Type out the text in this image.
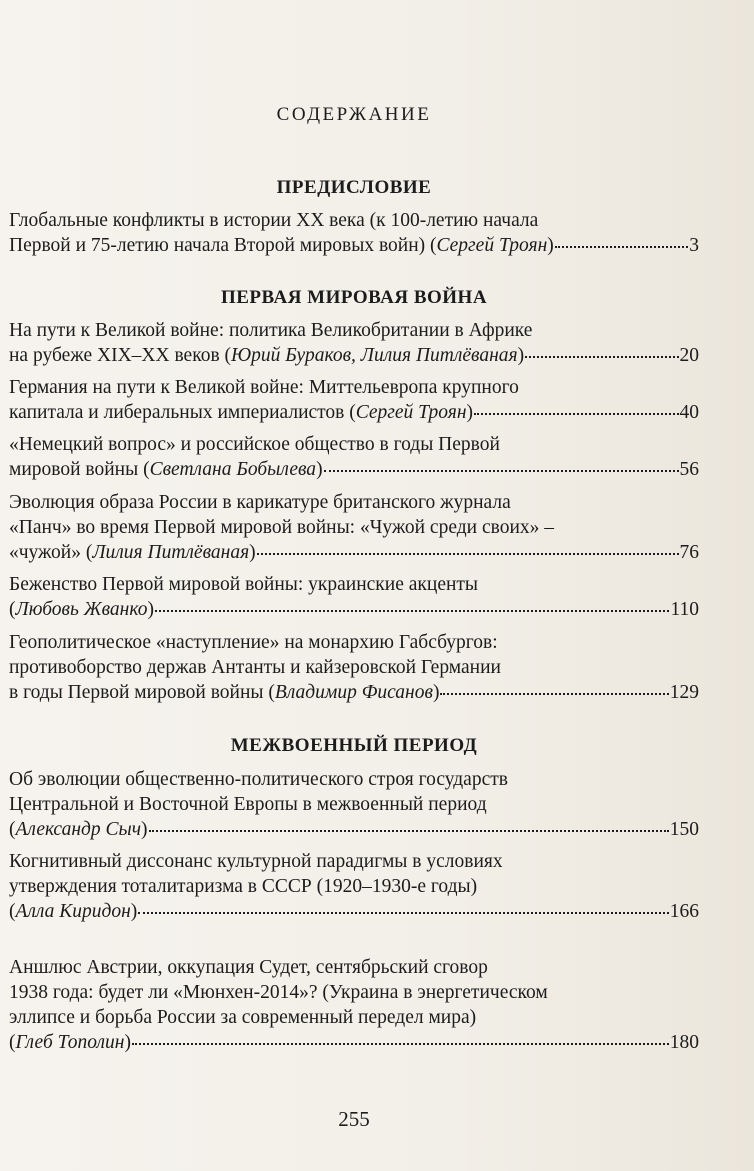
СОДЕРЖАНИЕ
ПРЕДИСЛОВИЕ
Глобальные конфликты в истории XX века (к 100-летию начала
Первой и 75-летию начала Второй мировых войн) ( Сергей Троян )	3
ПЕРВАЯ МИРОВАЯ ВОЙНА
На пути к Великой войне: политика Великобритании в Африке
на рубеже XIX–XX веков ( Юрий Бураков, Лилия Питлёваная )	20
Германия на пути к Великой войне: Миттельевропа крупного
капитала и либеральных империалистов ( Сергей Троян )	40
«Немецкий вопрос» и российское общество в годы Первой
мировой войны ( Светлана Бобылева )	56
Эволюция образа России в карикатуре британского журнала
«Панч» во время Первой мировой войны: «Чужой среди своих» –
«чужой» ( Лилия Питлёваная )	76
Беженство Первой мировой войны: украинские акценты
( Любовь Жванко )	110
Геополитическое «наступление» на монархию Габсбургов:
противоборство держав Антанты и кайзеровской Германии
в годы Первой мировой войны ( Владимир Фисанов )	129
МЕЖВОЕННЫЙ ПЕРИОД
Об эволюции общественно-политического строя государств
Центральной и Восточной Европы в межвоенный период
( Александр Сыч )	150
Когнитивный диссонанс культурной парадигмы в условиях
утверждения тоталитаризма в СССР (1920–1930-е годы)
( Алла Киридон )	166
Аншлюс Австрии, оккупация Судет, сентябрьский сговор
1938 года: будет ли «Мюнхен-2014»? (Украина в энергетическом
эллипсе и борьба России за современный передел мира)
( Глеб Тополин )	180
255
